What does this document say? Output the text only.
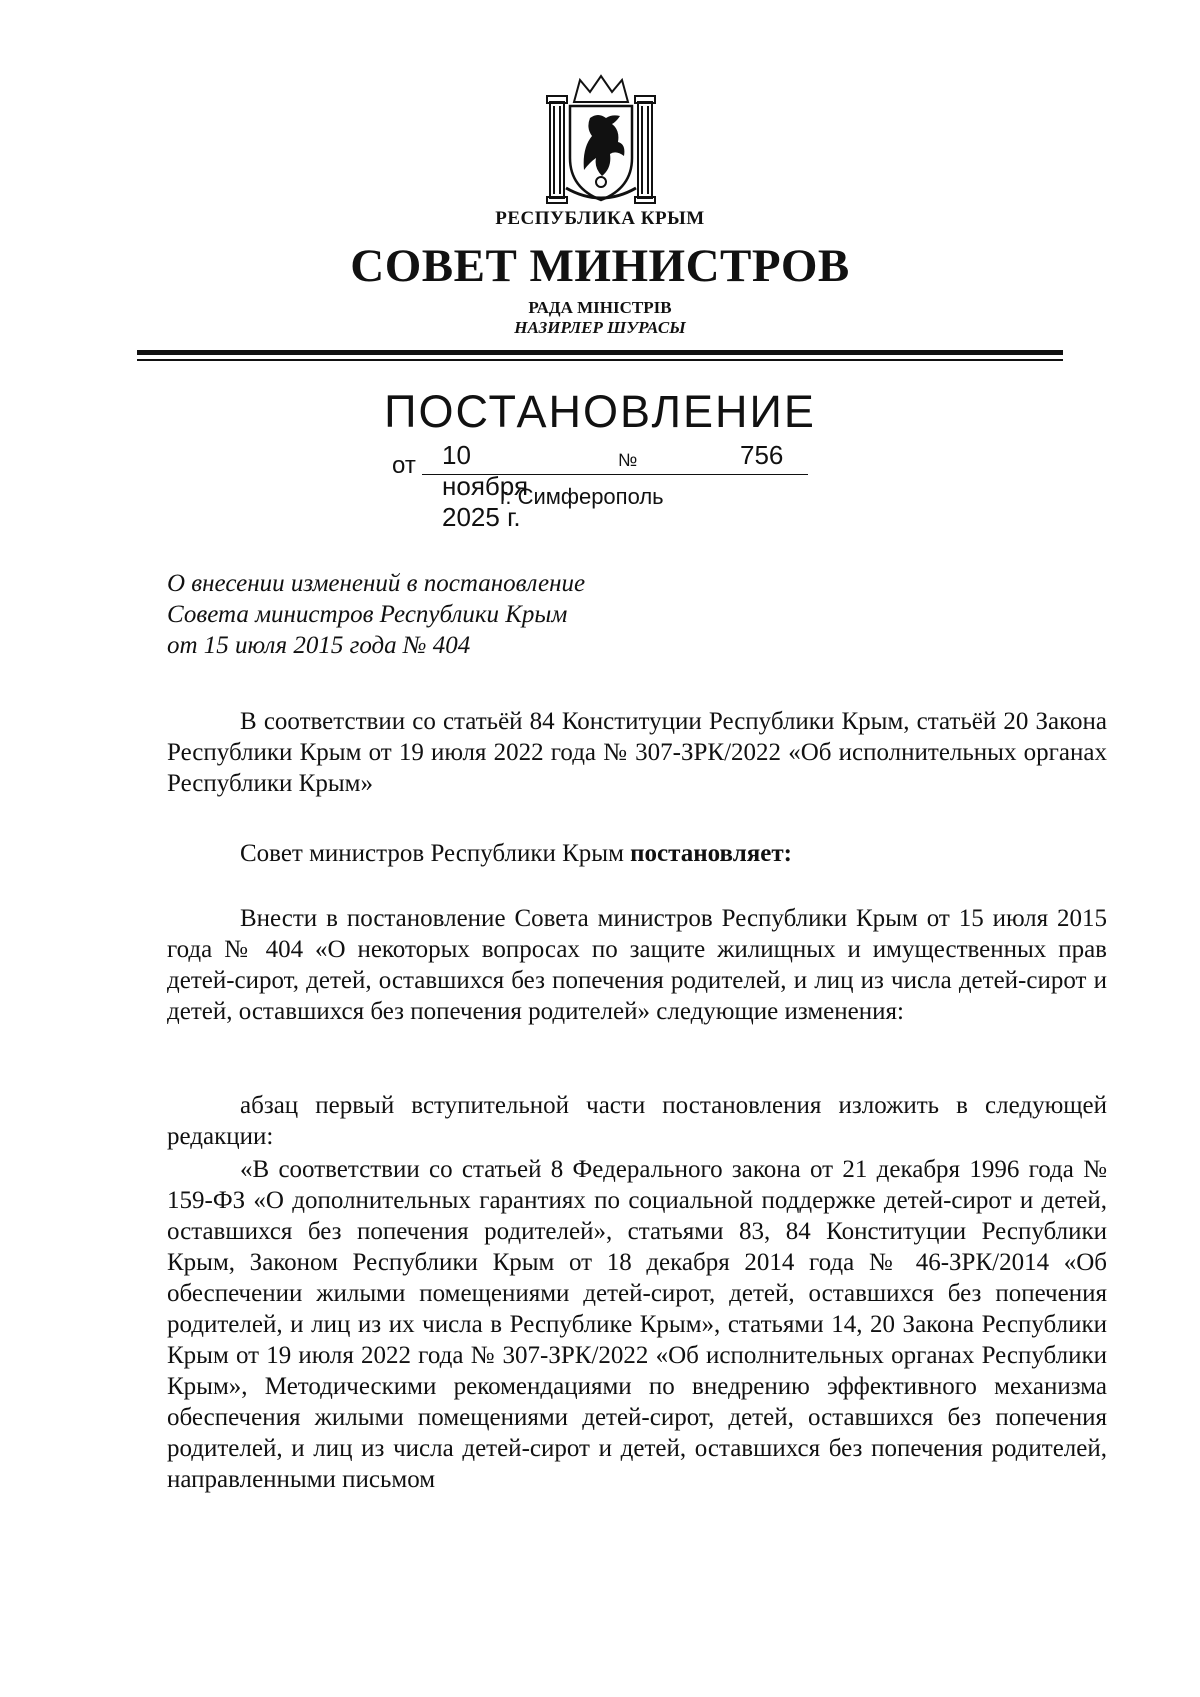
РЕСПУБЛИКА КРЫМ
СОВЕТ МИНИСТРОВ
РАДА МІНІСТРІВ
НАЗИРЛЕР ШУРАСЫ
ПОСТАНОВЛЕНИЕ
от 10 ноября 2025 г.
№	756
г. Симферополь
О внесении изменений в постановление
Совета министров Республики Крым
от 15 июля 2015 года № 404

В соответствии со статьёй 84 Конституции Республики Крым, статьёй 20 Закона Республики Крым от 19 июля 2022 года № 307-ЗРК/2022 «Об исполнительных органах Республики Крым»

Совет министров Республики Крым постановляет:

Внести в постановление Совета министров Республики Крым от 15 июля 2015 года № 404 «О некоторых вопросах по защите жилищных и имущественных прав детей-сирот, детей, оставшихся без попечения родителей, и лиц из числа детей-сирот и детей, оставшихся без попечения родителей» следующие изменения:

абзац первый вступительной части постановления изложить в следующей редакции:

«В соответствии со статьей 8 Федерального закона от 21 декабря 1996 года № 159-ФЗ «О дополнительных гарантиях по социальной поддержке детей-сирот и детей, оставшихся без попечения родителей», статьями 83, 84 Конституции Республики Крым, Законом Республики Крым от 18 декабря 2014 года № 46-ЗРК/2014 «Об обеспечении жилыми помещениями детей-сирот, детей, оставшихся без попечения родителей, и лиц из их числа в Республике Крым», статьями 14, 20 Закона Республики Крым от 19 июля 2022 года № 307-ЗРК/2022 «Об исполнительных органах Республики Крым», Методическими рекомендациями по внедрению эффективного механизма обеспечения жилыми помещениями детей-сирот, детей, оставшихся без попечения родителей, и лиц из числа детей-сирот и детей, оставшихся без попечения родителей, направленными письмом
